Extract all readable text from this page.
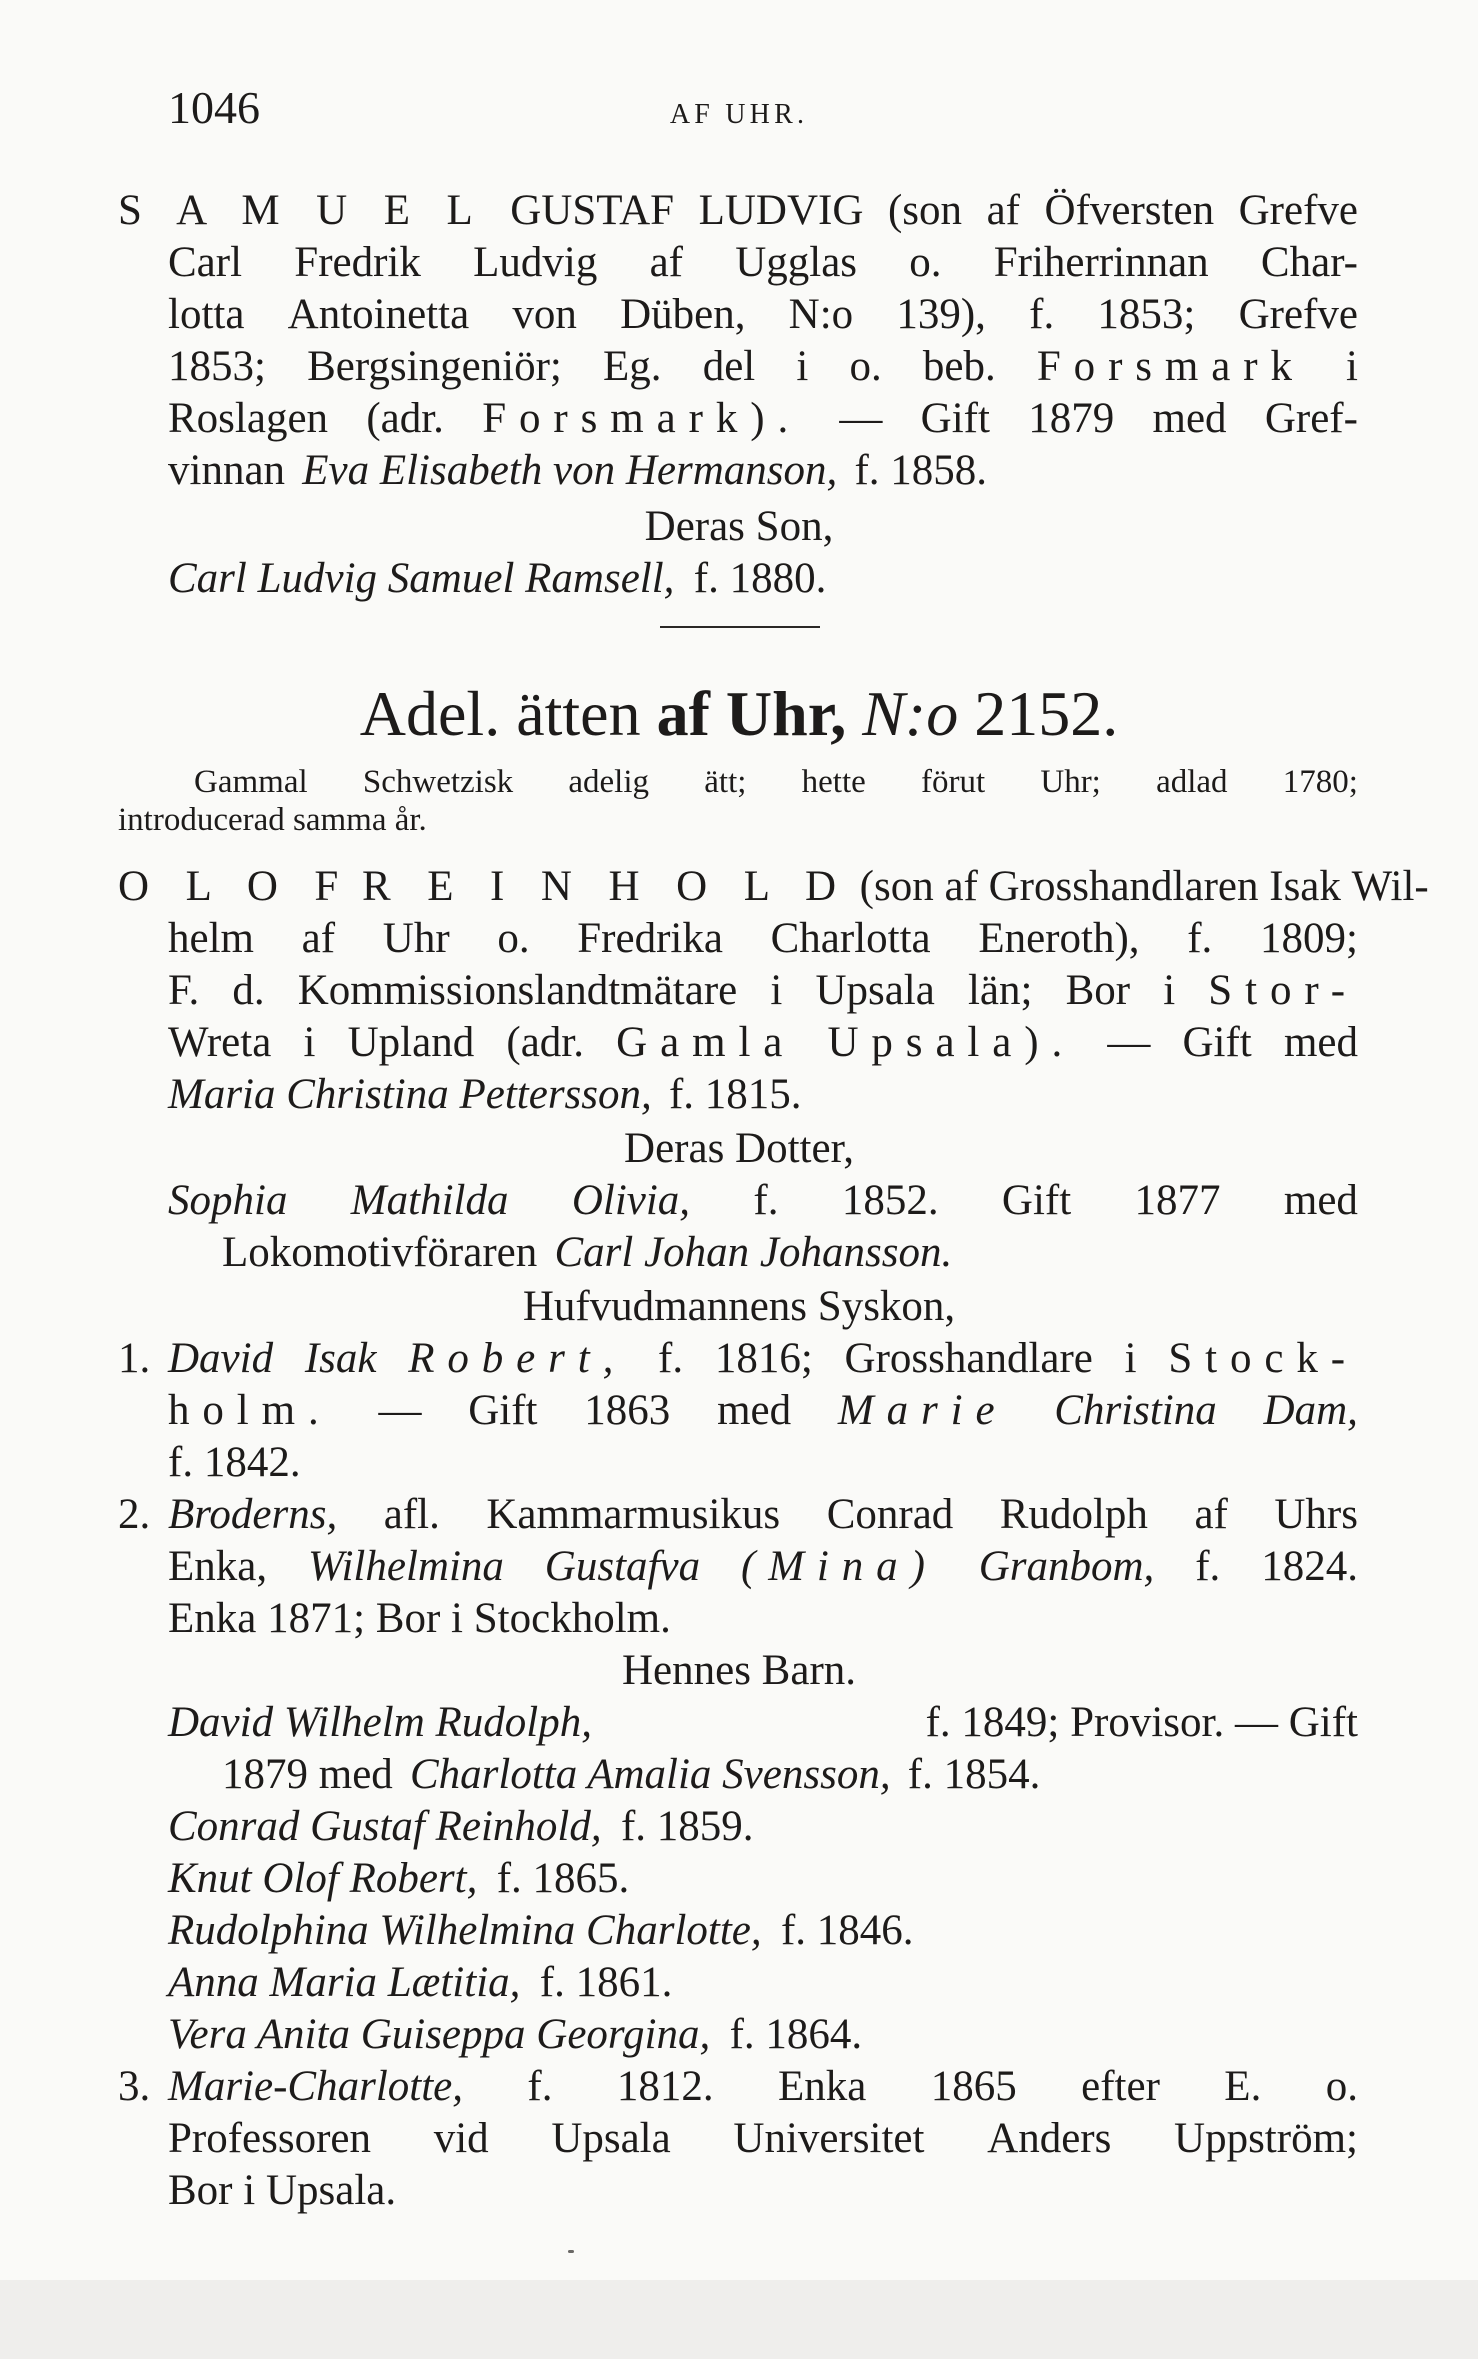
1046	AF UHR.
S A M U E L GUSTAF LUDVIG (son af Öfversten Grefve
Carl Fredrik Ludvig af Ugglas o. Friherrinnan Char-
lotta Antoinetta von Düben, N:o 139), f. 1853; Grefve
1853; Bergsingeniör; Eg. del i o. beb. Forsmark i
Roslagen (adr. Forsmark). — Gift 1879 med Gref-
vinnan Eva Elisabeth von Hermanson, f. 1858.
Deras Son,
Carl Ludvig Samuel Ramsell, f. 1880.
Adel. ätten af Uhr, N:o 2152.
Gammal Schwetzisk adelig ätt; hette förut Uhr; adlad 1780;
introducerad samma år.
O L O F R E I N H O L D (son af Grosshandlaren Isak Wil-
helm af Uhr o. Fredrika Charlotta Eneroth), f. 1809;
F. d. Kommissionslandtmätare i Upsala län; Bor i Stor-
Wreta i Upland (adr. Gamla Upsala). — Gift med
Maria Christina Pettersson, f. 1815.
Deras Dotter,
Sophia Mathilda Olivia, f. 1852. Gift 1877 med
Lokomotivföraren Carl Johan Johansson.
Hufvudmannens Syskon,
1. David Isak Robert, f. 1816; Grosshandlare i Stock-
holm. — Gift 1863 med Marie Christina Dam,
f. 1842.
2. Broderns, afl. Kammarmusikus Conrad Rudolph af Uhrs
Enka, Wilhelmina Gustafva (Mina) Granbom, f. 1824.
Enka 1871; Bor i Stockholm.
Hennes Barn.
David Wilhelm Rudolph,	f. 1849; Provisor. — Gift
1879 med Charlotta Amalia Svensson, f. 1854.
Conrad Gustaf Reinhold, f. 1859.
Knut Olof Robert, f. 1865.
Rudolphina Wilhelmina Charlotte, f. 1846.
Anna Maria Lætitia, f. 1861.
Vera Anita Guiseppa Georgina, f. 1864.
3. Marie-Charlotte, f. 1812. Enka 1865 efter E. o.
Professoren vid Upsala Universitet Anders Uppström;
Bor i Upsala.
